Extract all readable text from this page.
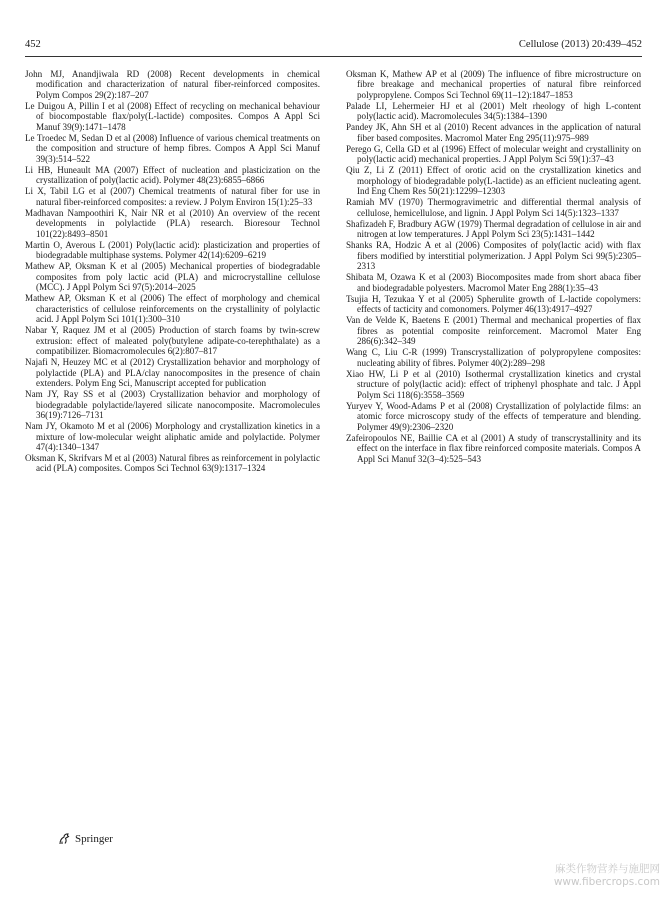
452	Cellulose (2013) 20:439–452

John MJ, Anandjiwala RD (2008) Recent developments in chemical modification and characterization of natural fiber-reinforced composites. Polym Compos 29(2):187–207

Le Duigou A, Pillin I et al (2008) Effect of recycling on mechanical behaviour of biocompostable flax/poly(L-lactide) composites. Compos A Appl Sci Manuf 39(9):1471–1478

Le Troedec M, Sedan D et al (2008) Influence of various chemical treatments on the composition and structure of hemp fibres. Compos A Appl Sci Manuf 39(3):514–522

Li HB, Huneault MA (2007) Effect of nucleation and plasticization on the crystallization of poly(lactic acid). Polymer 48(23):6855–6866

Li X, Tabil LG et al (2007) Chemical treatments of natural fiber for use in natural fiber-reinforced composites: a review. J Polym Environ 15(1):25–33

Madhavan Nampoothiri K, Nair NR et al (2010) An overview of the recent developments in polylactide (PLA) research. Bioresour Technol 101(22):8493–8501

Martin O, Averous L (2001) Poly(lactic acid): plasticization and properties of biodegradable multiphase systems. Polymer 42(14):6209–6219

Mathew AP, Oksman K et al (2005) Mechanical properties of biodegradable composites from poly lactic acid (PLA) and microcrystalline cellulose (MCC). J Appl Polym Sci 97(5):2014–2025

Mathew AP, Oksman K et al (2006) The effect of morphology and chemical characteristics of cellulose reinforcements on the crystallinity of polylactic acid. J Appl Polym Sci 101(1):300–310

Nabar Y, Raquez JM et al (2005) Production of starch foams by twin-screw extrusion: effect of maleated poly(butylene adipate-co-terephthalate) as a compatibilizer. Biomacromolecules 6(2):807–817

Najafi N, Heuzey MC et al (2012) Crystallization behavior and morphology of polylactide (PLA) and PLA/clay nanocomposites in the presence of chain extenders. Polym Eng Sci, Manuscript accepted for publication

Nam JY, Ray SS et al (2003) Crystallization behavior and morphology of biodegradable polylactide/layered silicate nanocomposite. Macromolecules 36(19):7126–7131

Nam JY, Okamoto M et al (2006) Morphology and crystallization kinetics in a mixture of low-molecular weight aliphatic amide and polylactide. Polymer 47(4):1340–1347

Oksman K, Skrifvars M et al (2003) Natural fibres as reinforcement in polylactic acid (PLA) composites. Compos Sci Technol 63(9):1317–1324

Oksman K, Mathew AP et al (2009) The influence of fibre microstructure on fibre breakage and mechanical properties of natural fibre reinforced polypropylene. Compos Sci Technol 69(11–12):1847–1853

Palade LI, Lehermeier HJ et al (2001) Melt rheology of high L-content poly(lactic acid). Macromolecules 34(5):1384–1390

Pandey JK, Ahn SH et al (2010) Recent advances in the application of natural fiber based composites. Macromol Mater Eng 295(11):975–989

Perego G, Cella GD et al (1996) Effect of molecular weight and crystallinity on poly(lactic acid) mechanical properties. J Appl Polym Sci 59(1):37–43

Qiu Z, Li Z (2011) Effect of orotic acid on the crystallization kinetics and morphology of biodegradable poly(L-lactide) as an efficient nucleating agent. Ind Eng Chem Res 50(21):12299–12303

Ramiah MV (1970) Thermogravimetric and differential thermal analysis of cellulose, hemicellulose, and lignin. J Appl Polym Sci 14(5):1323–1337

Shafizadeh F, Bradbury AGW (1979) Thermal degradation of cellulose in air and nitrogen at low temperatures. J Appl Polym Sci 23(5):1431–1442

Shanks RA, Hodzic A et al (2006) Composites of poly(lactic acid) with flax fibers modified by interstitial polymerization. J Appl Polym Sci 99(5):2305–2313

Shibata M, Ozawa K et al (2003) Biocomposites made from short abaca fiber and biodegradable polyesters. Macromol Mater Eng 288(1):35–43

Tsujia H, Tezukaa Y et al (2005) Spherulite growth of L-lactide copolymers: effects of tacticity and comonomers. Polymer 46(13):4917–4927

Van de Velde K, Baetens E (2001) Thermal and mechanical properties of flax fibres as potential composite reinforcement. Macromol Mater Eng 286(6):342–349

Wang C, Liu C-R (1999) Transcrystallization of polypropylene composites: nucleating ability of fibres. Polymer 40(2):289–298

Xiao HW, Li P et al (2010) Isothermal crystallization kinetics and crystal structure of poly(lactic acid): effect of triphenyl phosphate and talc. J Appl Polym Sci 118(6):3558–3569

Yuryev Y, Wood-Adams P et al (2008) Crystallization of polylactide films: an atomic force microscopy study of the effects of temperature and blending. Polymer 49(9):2306–2320

Zafeiropoulos NE, Baillie CA et al (2001) A study of transcrystallinity and its effect on the interface in flax fibre reinforced composite materials. Compos A Appl Sci Manuf 32(3–4):525–543

Springer
麻类作物营养与施肥网
www.fibercrops.com
